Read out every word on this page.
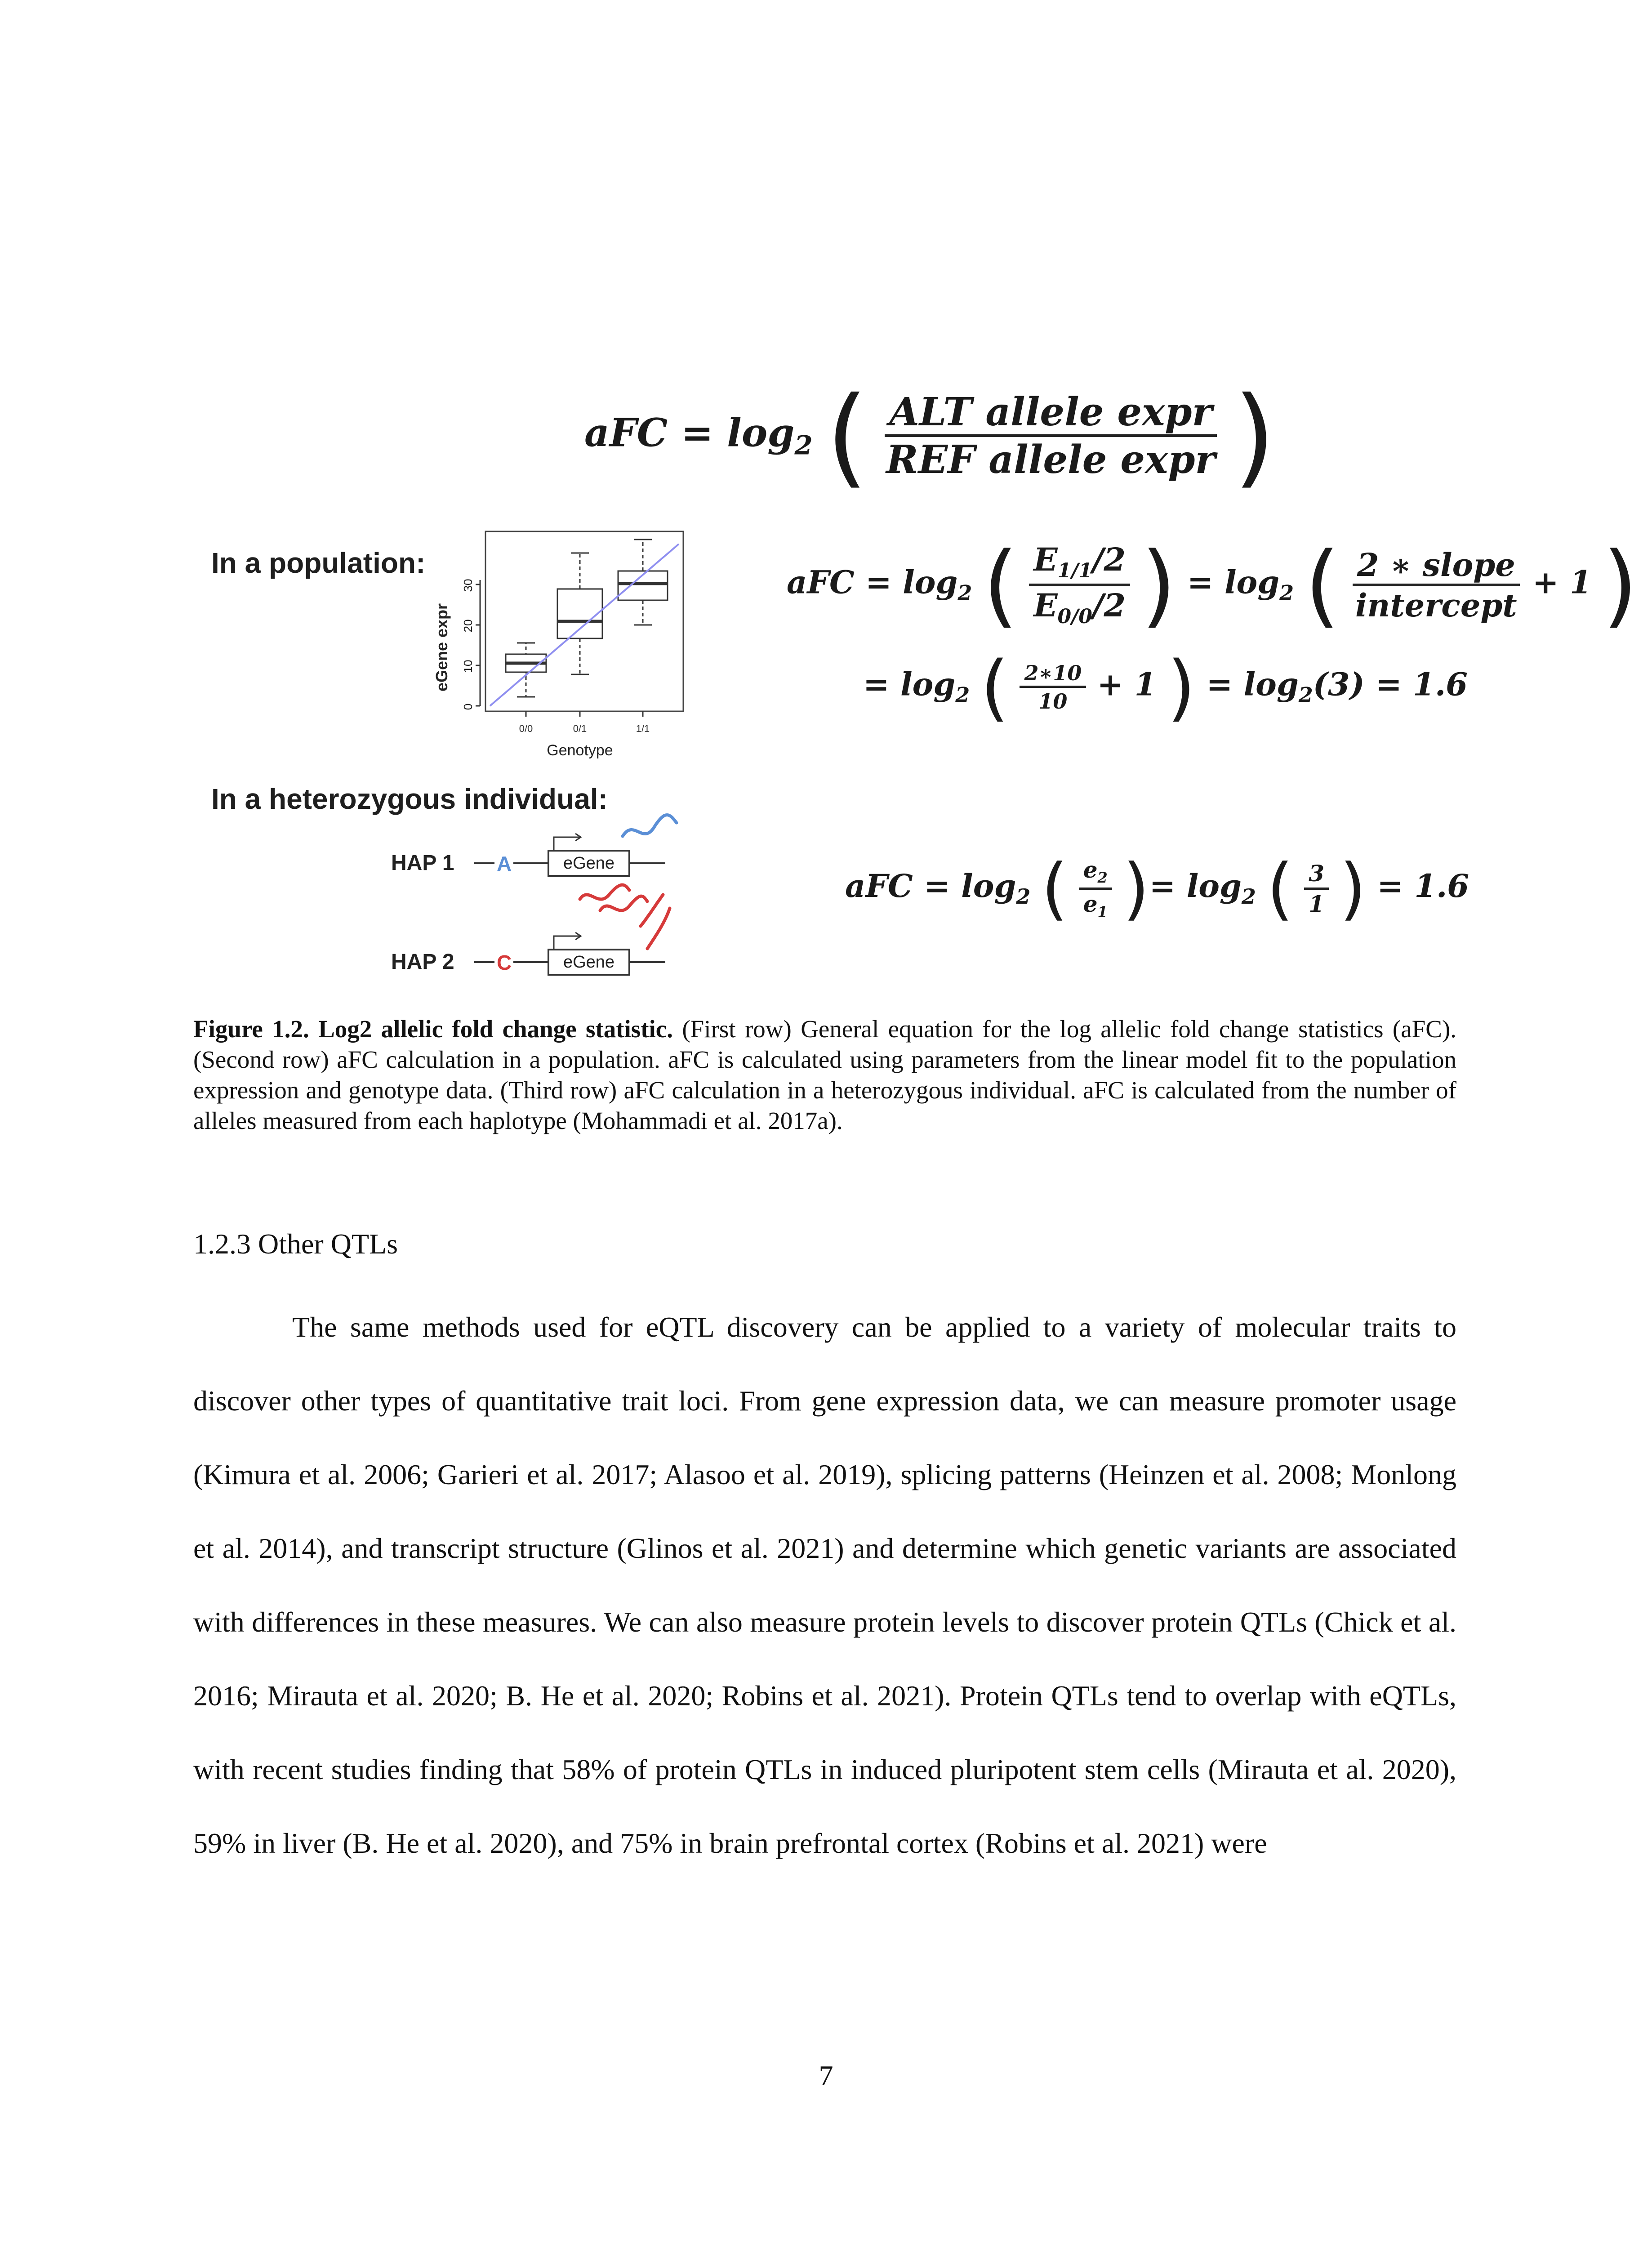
aFC = $\log_2$ ( $\frac{\text{ALT allele expr}}{\text{REF allele expr}}$ )
In a population:
eGene expr
0
10
20
30
0/0	0/1	1/1
Genotype
aFC = $\log_2$ ( $\frac{E_{1/1}/2}{E_{0/0}/2}$ ) = $\log_2$ ( $\frac{\text{2 ∗ slope}}{\text{intercept}} + 1$ )
= $\log_2$ ( $\frac{2∗10}{10} + 1$ ) = $\log_2(3) = 1.6$
In a heterozygous individual:
HAP 1 A	eGene
HAP 2 C	eGene
aFC = $\log_2$ ( $\frac{e_2}{e_1}$ )= $\log_2$ ( $\frac{3}{1}$ ) = 1.6
Figure 1.2. Log2 allelic fold change statistic. (First row) General equation for the log allelic fold change statistics (aFC). (Second row) aFC calculation in a population. aFC is calculated using parameters from the linear model fit to the population expression and genotype data. (Third row) aFC calculation in a heterozygous individual. aFC is calculated from the number of alleles measured from each haplotype (Mohammadi et al. 2017a).
1.2.3 Other QTLs
The same methods used for eQTL discovery can be applied to a variety of molecular traits to discover other types of quantitative trait loci. From gene expression data, we can measure promoter usage (Kimura et al. 2006; Garieri et al. 2017; Alasoo et al. 2019), splicing patterns (Heinzen et al. 2008; Monlong et al. 2014), and transcript structure (Glinos et al. 2021) and determine which genetic variants are associated with differences in these measures. We can also measure protein levels to discover protein QTLs (Chick et al. 2016; Mirauta et al. 2020; B. He et al. 2020; Robins et al. 2021). Protein QTLs tend to overlap with eQTLs, with recent studies finding that 58% of protein QTLs in induced pluripotent stem cells (Mirauta et al. 2020), 59% in liver (B. He et al. 2020), and 75% in brain prefrontal cortex (Robins et al. 2021) were
7
